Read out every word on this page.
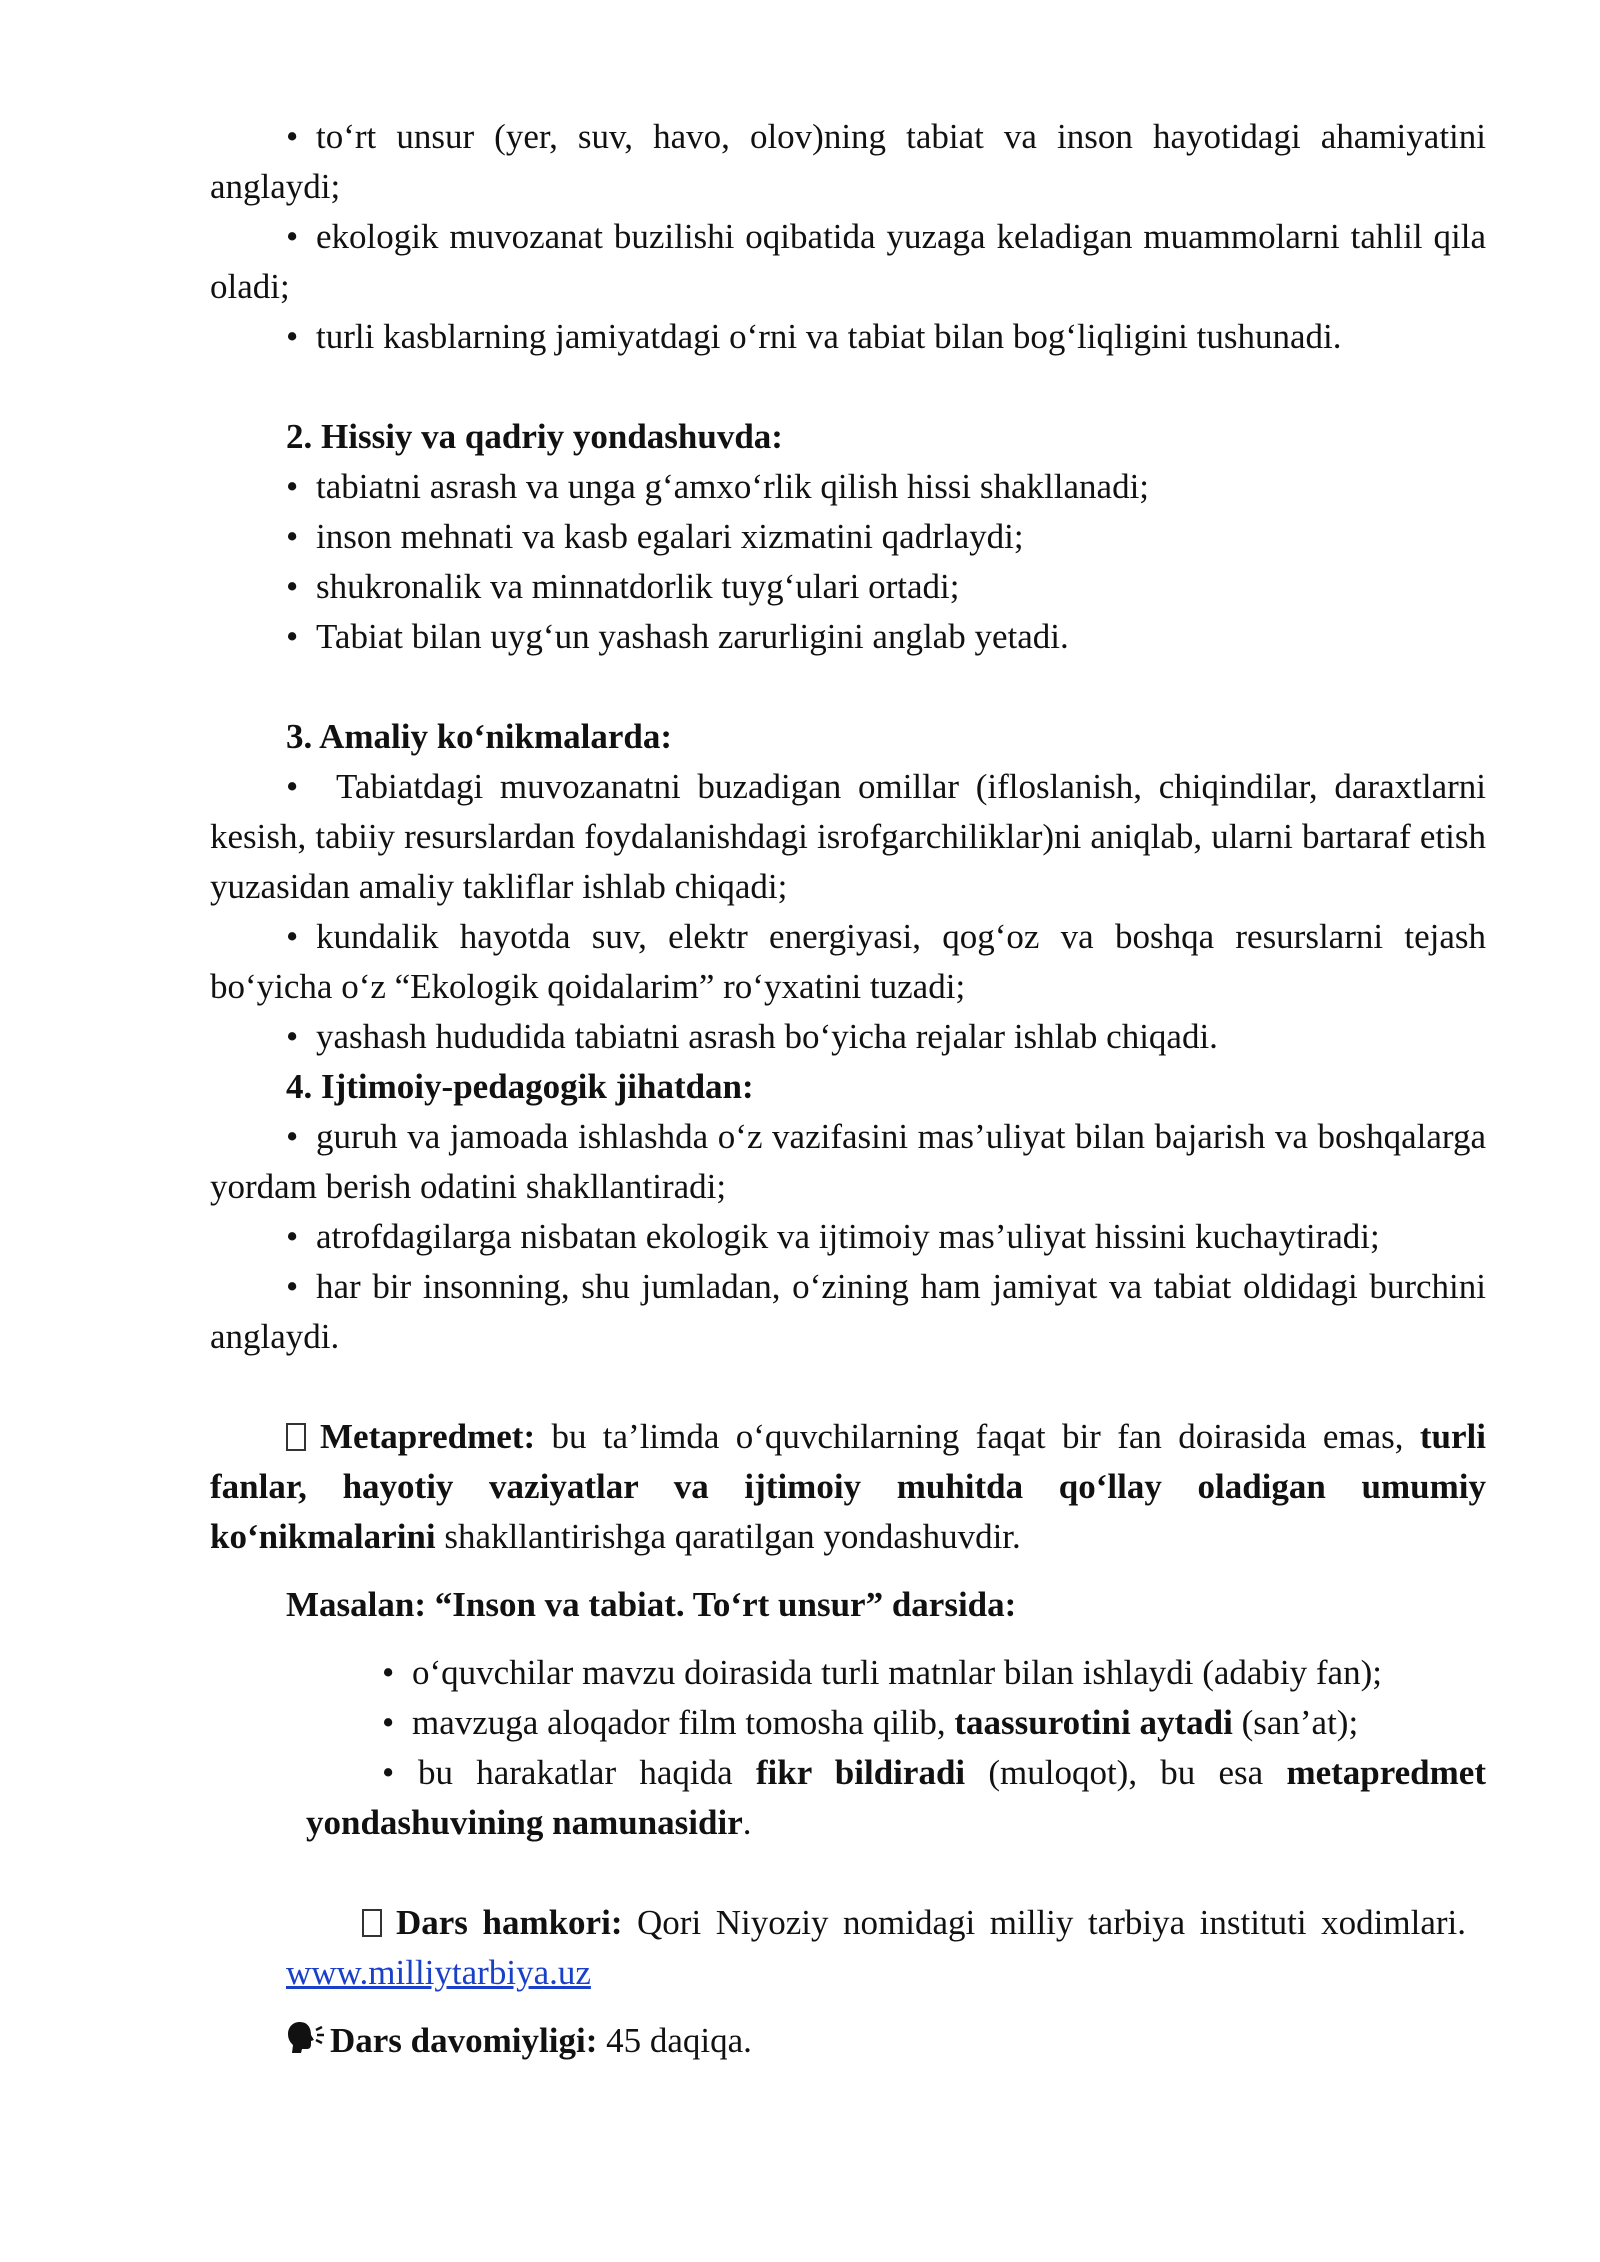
• to‘rt unsur (yer, suv, havo, olov)ning tabiat va inson hayotidagi ahamiyatini anglaydi;

• ekologik muvozanat buzilishi oqibatida yuzaga keladigan muammolarni tahlil qila oladi;

• turli kasblarning jamiyatdagi o‘rni va tabiat bilan bog‘liqligini tushunadi.

2. Hissiy va qadriy yondashuvda:

• tabiatni asrash va unga g‘amxo‘rlik qilish hissi shakllanadi;

• inson mehnati va kasb egalari xizmatini qadrlaydi;

• shukronalik va minnatdorlik tuyg‘ulari ortadi;

• Tabiat bilan uyg‘un yashash zarurligini anglab yetadi.

3. Amaliy ko‘nikmalarda:

• Tabiatdagi muvozanatni buzadigan omillar (ifloslanish, chiqindilar, daraxtlarni kesish, tabiiy resurslardan foydalanishdagi isrofgarchiliklar)ni aniqlab, ularni bartaraf etish yuzasidan amaliy takliflar ishlab chiqadi;

• kundalik hayotda suv, elektr energiyasi, qog‘oz va boshqa resurslarni tejash bo‘yicha o‘z “Ekologik qoidalarim” ro‘yxatini tuzadi;

• yashash hududida tabiatni asrash bo‘yicha rejalar ishlab chiqadi.

4. Ijtimoiy-pedagogik jihatdan:

• guruh va jamoada ishlashda o‘z vazifasini mas’uliyat bilan bajarish va boshqalarga yordam berish odatini shakllantiradi;

• atrofdagilarga nisbatan ekologik va ijtimoiy mas’uliyat hissini kuchaytiradi;

• har bir insonning, shu jumladan, o‘zining ham jamiyat va tabiat oldidagi burchini anglaydi.

Metapredmet: bu ta’limda o‘quvchilarning faqat bir fan doirasida emas, turli fanlar, hayotiy vaziyatlar va ijtimoiy muhitda qo‘llay oladigan umumiy ko‘nikmalarini shakllantirishga qaratilgan yondashuvdir.

Masalan: “Inson va tabiat. To‘rt unsur” darsida:

• o‘quvchilar mavzu doirasida turli matnlar bilan ishlaydi (adabiy fan);

• mavzuga aloqador film tomosha qilib, taassurotini aytadi (san’at);

• bu harakatlar haqida fikr bildiradi (muloqot), bu esa metapredmet yondashuvining namunasidir.

Dars hamkori: Qori Niyoziy nomidagi milliy tarbiya instituti xodimlari. www.milliytarbiya.uz

Dars davomiyligi: 45 daqiqa.
